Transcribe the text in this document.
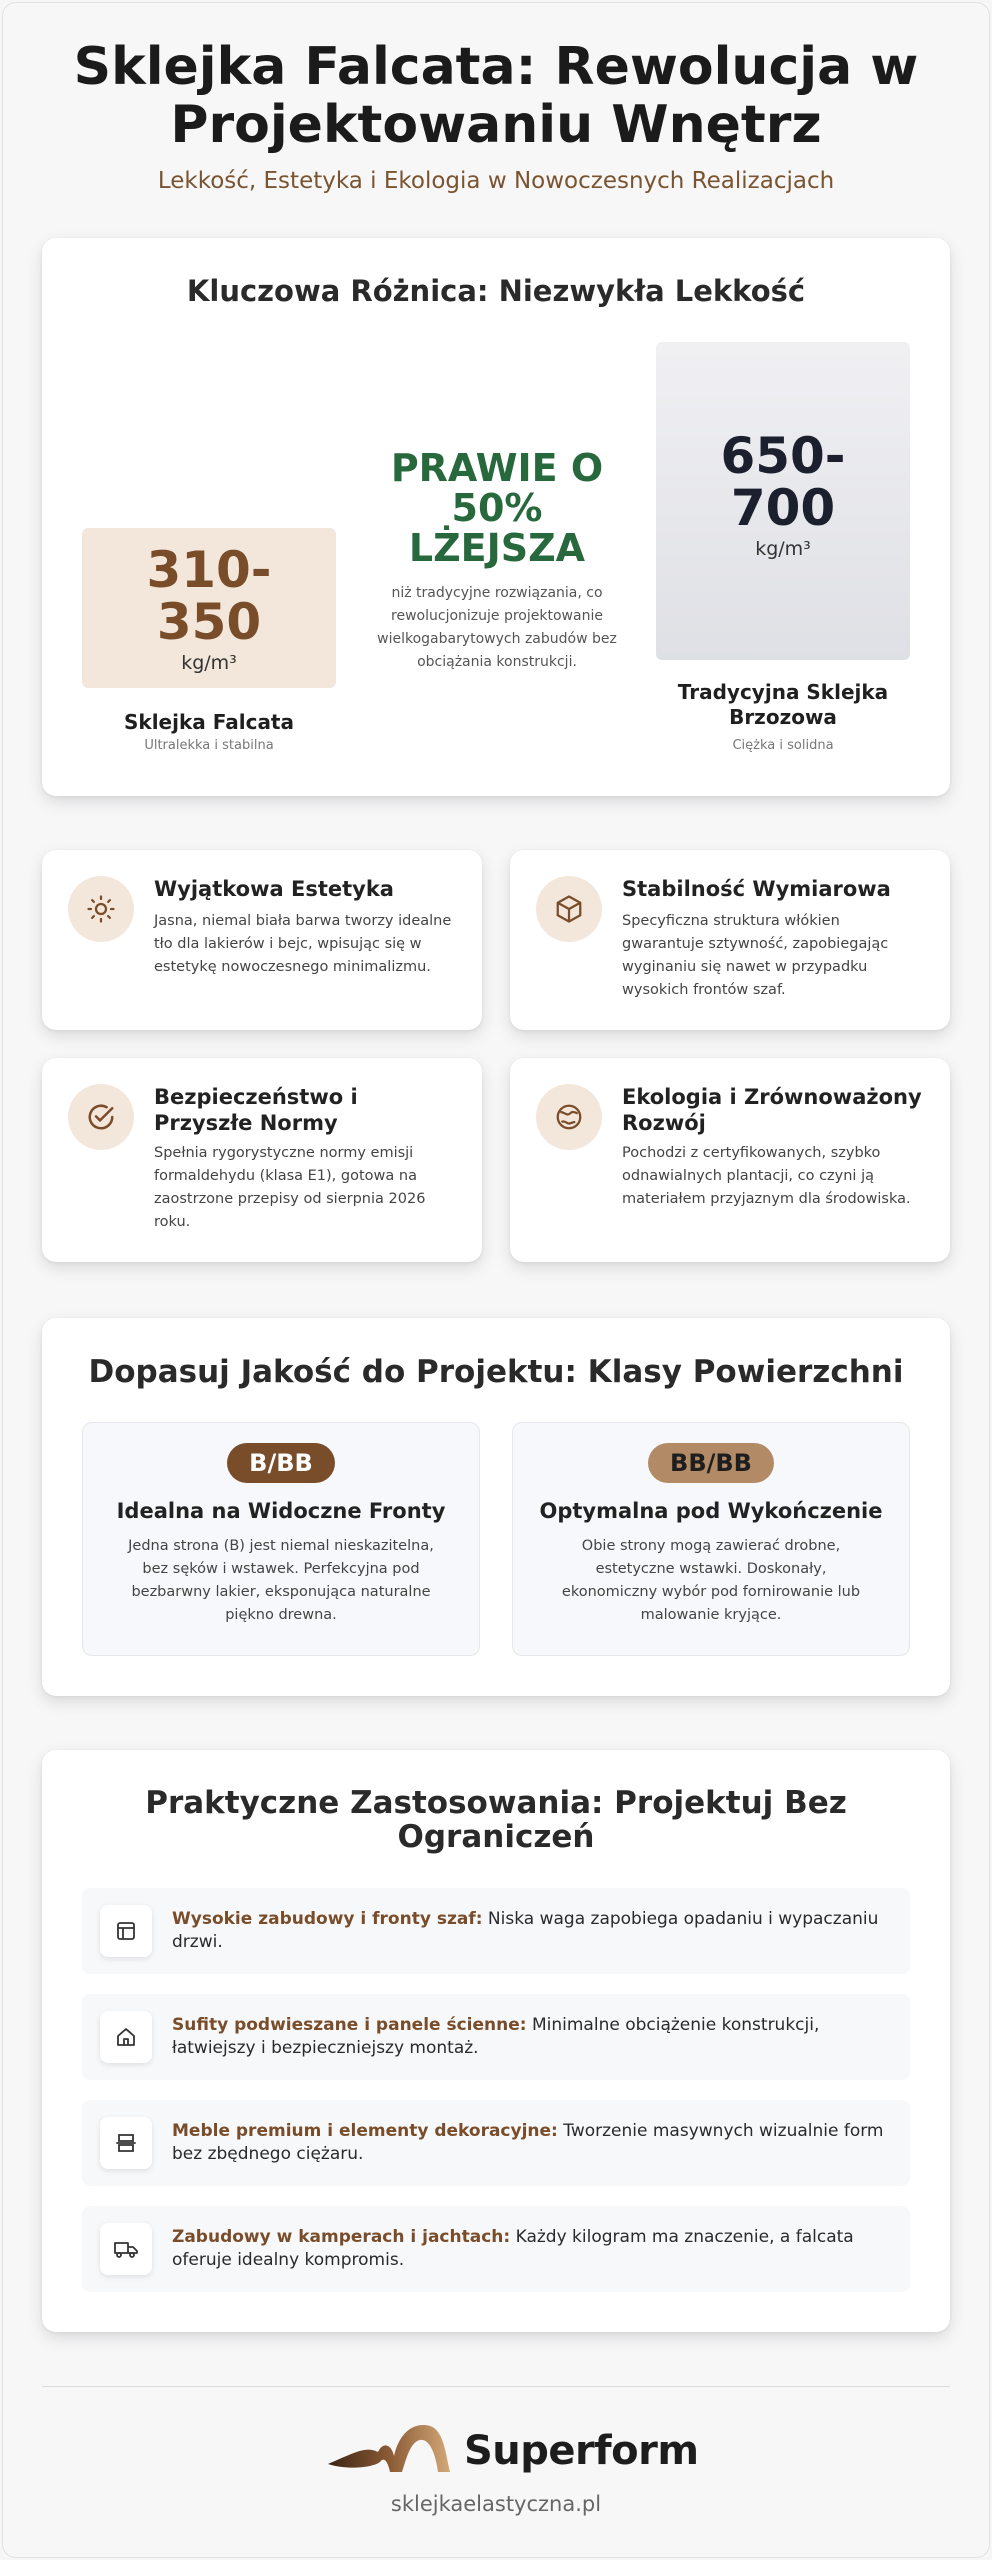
Sklejka Falcata: Rewolucja w Projektowaniu Wnętrz
Lekkość, Estetyka i Ekologia w Nowoczesnych Realizacjach
Kluczowa Różnica: Niezwykła Lekkość
310-350
kg/m³
Sklejka Falcata
Ultralekka i stabilna
PRAWIE O 50% LŻEJSZA
niż tradycyjne rozwiązania, co rewolucjonizuje projektowanie wielkogabarytowych zabudów bez obciążania konstrukcji.
650-700
kg/m³
Tradycyjna Sklejka Brzozowa
Ciężka i solidna
Wyjątkowa Estetyka
Jasna, niemal biała barwa tworzy idealne tło dla lakierów i bejc, wpisując się w estetykę nowoczesnego minimalizmu.
Stabilność Wymiarowa
Specyficzna struktura włókien gwarantuje sztywność, zapobiegając wyginaniu się nawet w przypadku wysokich frontów szaf.
Bezpieczeństwo i Przyszłe Normy
Spełnia rygorystyczne normy emisji formaldehydu (klasa E1), gotowa na zaostrzone przepisy od sierpnia 2026 roku.
Ekologia i Zrównoważony Rozwój
Pochodzi z certyfikowanych, szybko odnawialnych plantacji, co czyni ją materiałem przyjaznym dla środowiska.
Dopasuj Jakość do Projektu: Klasy Powierzchni
B/BB
Idealna na Widoczne Fronty
Jedna strona (B) jest niemal nieskazitelna, bez sęków i wstawek. Perfekcyjna pod bezbarwny lakier, eksponująca naturalne piękno drewna.
BB/BB
Optymalna pod Wykończenie
Obie strony mogą zawierać drobne, estetyczne wstawki. Doskonały, ekonomiczny wybór pod fornirowanie lub malowanie kryjące.
Praktyczne Zastosowania: Projektuj Bez Ograniczeń
Wysokie zabudowy i fronty szaf: Niska waga zapobiega opadaniu i wypaczaniu drzwi.
Sufity podwieszane i panele ścienne: Minimalne obciążenie konstrukcji, łatwiejszy i bezpieczniejszy montaż.
Meble premium i elementy dekoracyjne: Tworzenie masywnych wizualnie form bez zbędnego ciężaru.
Zabudowy w kamperach i jachtach: Każdy kilogram ma znaczenie, a falcata oferuje idealny kompromis.
Superform
sklejkaelastyczna.pl
